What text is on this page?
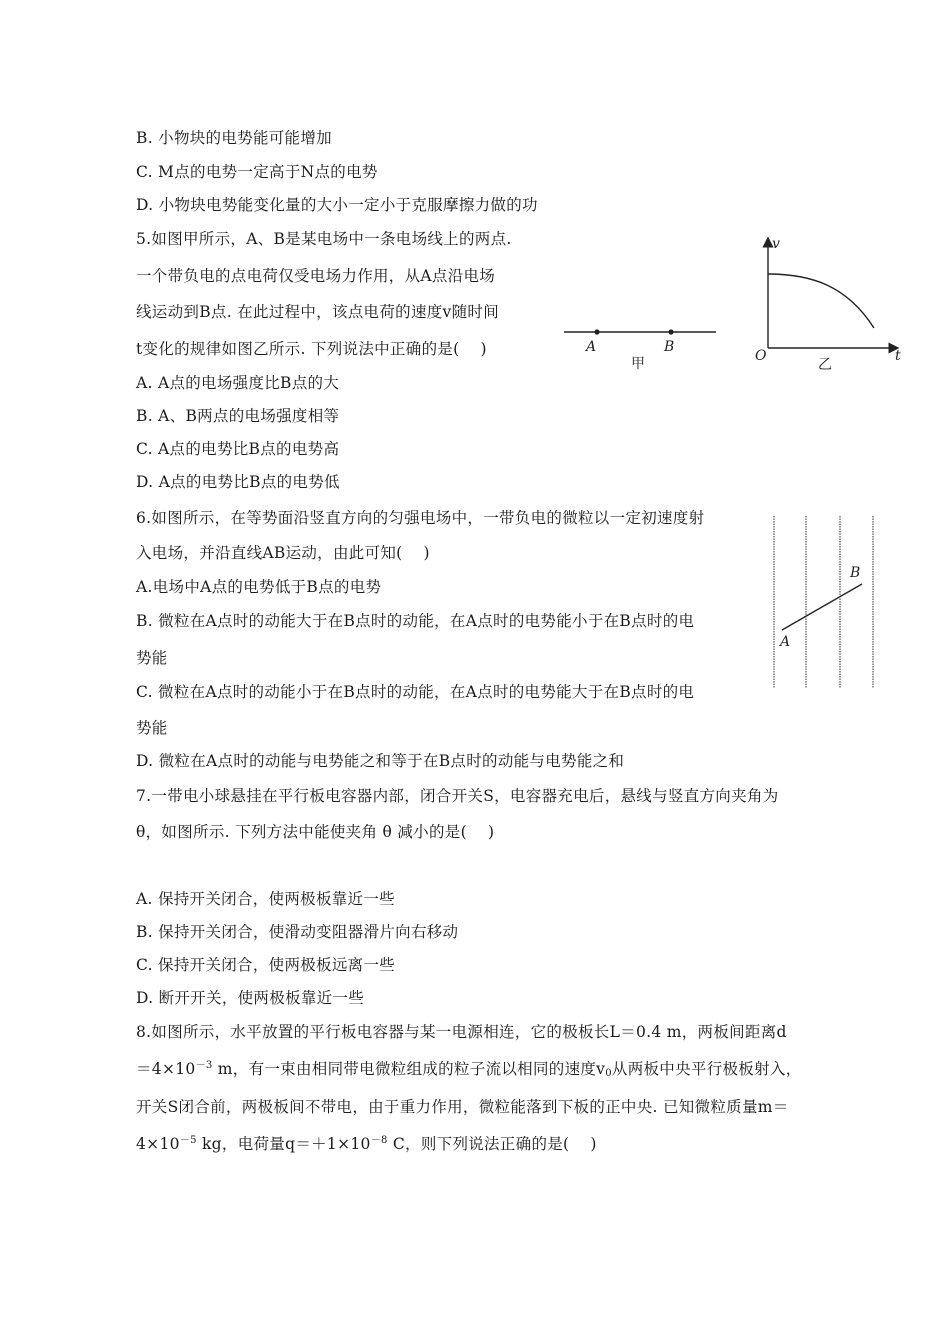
B. 小物块的电势能可能增加
C. M点的电势一定高于N点的电势
D. 小物块电势能变化量的大小一定小于克服摩擦力做的功
5.如图甲所示，A、B是某电场中一条电场线上的两点.
一个带负电的点电荷仅受电场力作用，从A点沿电场
线运动到B点. 在此过程中，该点电荷的速度v随时间
t变化的规律如图乙所示. 下列说法中正确的是(　 )
A. A点的电场强度比B点的大
B. A、B两点的电场强度相等
C. A点的电势比B点的电势高
D. A点的电势比B点的电势低
6.如图所示，在等势面沿竖直方向的匀强电场中，一带负电的微粒以一定初速度射
入电场，并沿直线AB运动，由此可知(　 )
A.电场中A点的电势低于B点的电势
B. 微粒在A点时的动能大于在B点时的动能，在A点时的电势能小于在B点时的电
势能
C. 微粒在A点时的动能小于在B点时的动能，在A点时的电势能大于在B点时的电
势能
D. 微粒在A点时的动能与电势能之和等于在B点时的动能与电势能之和
7.一带电小球悬挂在平行板电容器内部，闭合开关S，电容器充电后，悬线与竖直方向夹角为
θ，如图所示. 下列方法中能使夹角 θ 减小的是(　 )
A. 保持开关闭合，使两极板靠近一些
B. 保持开关闭合，使滑动变阻器滑片向右移动
C. 保持开关闭合，使两极板远离一些
D. 断开开关，使两极板靠近一些
8.如图所示，水平放置的平行板电容器与某一电源相连，它的极板长L＝0.4 m，两板间距离d
$=4\times 10^{-3}$ m，有一束由相同带电微粒组成的粒子流以相同的速度$v_0$从两板中央平行极板射入，
开关S闭合前，两极板间不带电，由于重力作用，微粒能落到下板的正中央. 已知微粒质量m＝
$4\times 10^{-5}$ kg，电荷量$q=+1\times 10^{-8}$ C，则下列说法正确的是(　 )
A	B
甲
v
t
O
乙
A
B
